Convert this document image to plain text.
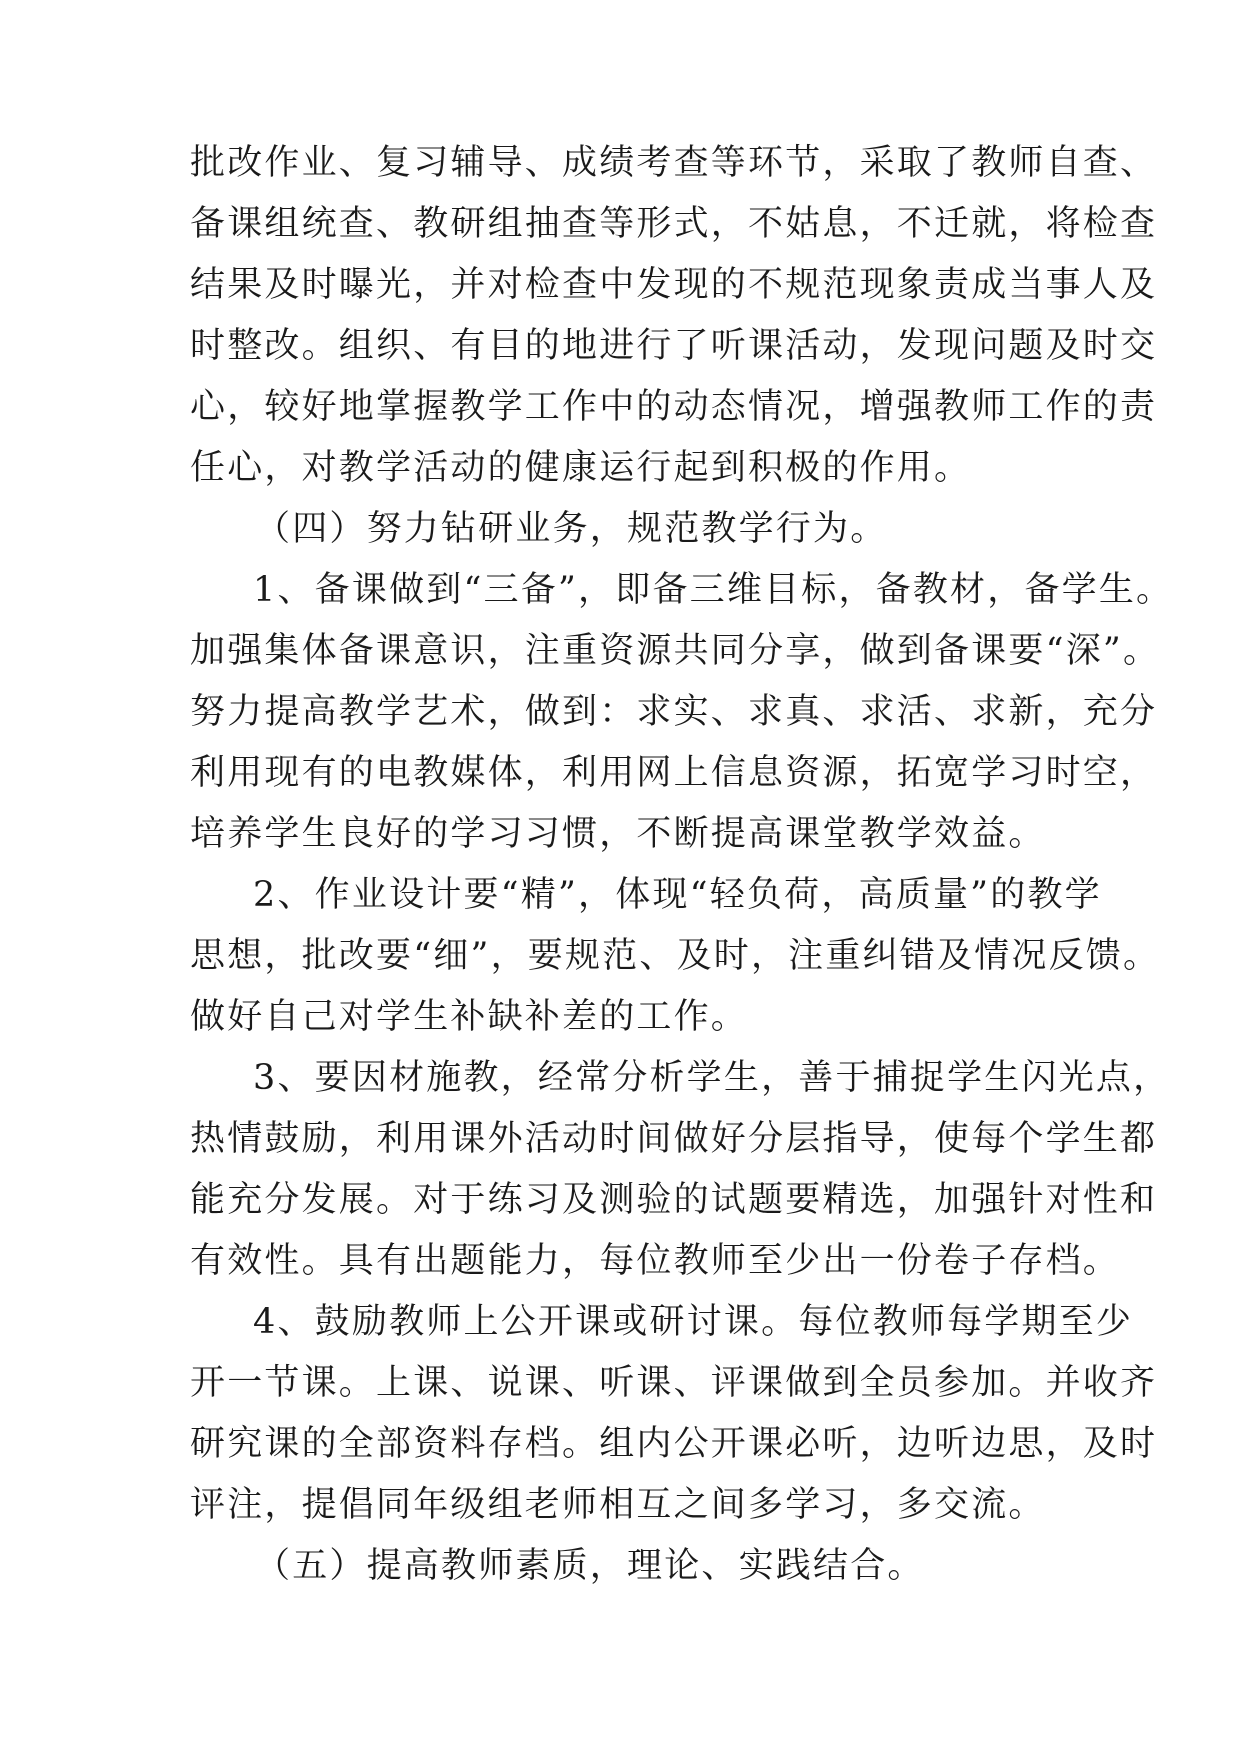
批改作业、复习辅导、成绩考查等环节，采取了教师自查、
备课组统查、教研组抽查等形式，不姑息，不迁就，将检查
结果及时曝光，并对检查中发现的不规范现象责成当事人及
时整改。组织、有目的地进行了听课活动，发现问题及时交
心，较好地掌握教学工作中的动态情况，增强教师工作的责
任心，对教学活动的健康运行起到积极的作用。
（四）努力钻研业务，规范教学行为。
1、备课做到“三备”，即备三维目标，备教材，备学生。
加强集体备课意识，注重资源共同分享，做到备课要“深”。
努力提高教学艺术，做到：求实、求真、求活、求新，充分
利用现有的电教媒体，利用网上信息资源，拓宽学习时空，
培养学生良好的学习习惯，不断提高课堂教学效益。
2、作业设计要“精”，体现“轻负荷，高质量”的教学
思想，批改要“细”，要规范、及时，注重纠错及情况反馈。
做好自己对学生补缺补差的工作。
3、要因材施教，经常分析学生，善于捕捉学生闪光点，
热情鼓励，利用课外活动时间做好分层指导，使每个学生都
能充分发展。对于练习及测验的试题要精选，加强针对性和
有效性。具有出题能力，每位教师至少出一份卷子存档。
4、鼓励教师上公开课或研讨课。每位教师每学期至少
开一节课。上课、说课、听课、评课做到全员参加。并收齐
研究课的全部资料存档。组内公开课必听，边听边思，及时
评注，提倡同年级组老师相互之间多学习，多交流。
（五）提高教师素质，理论、实践结合。
